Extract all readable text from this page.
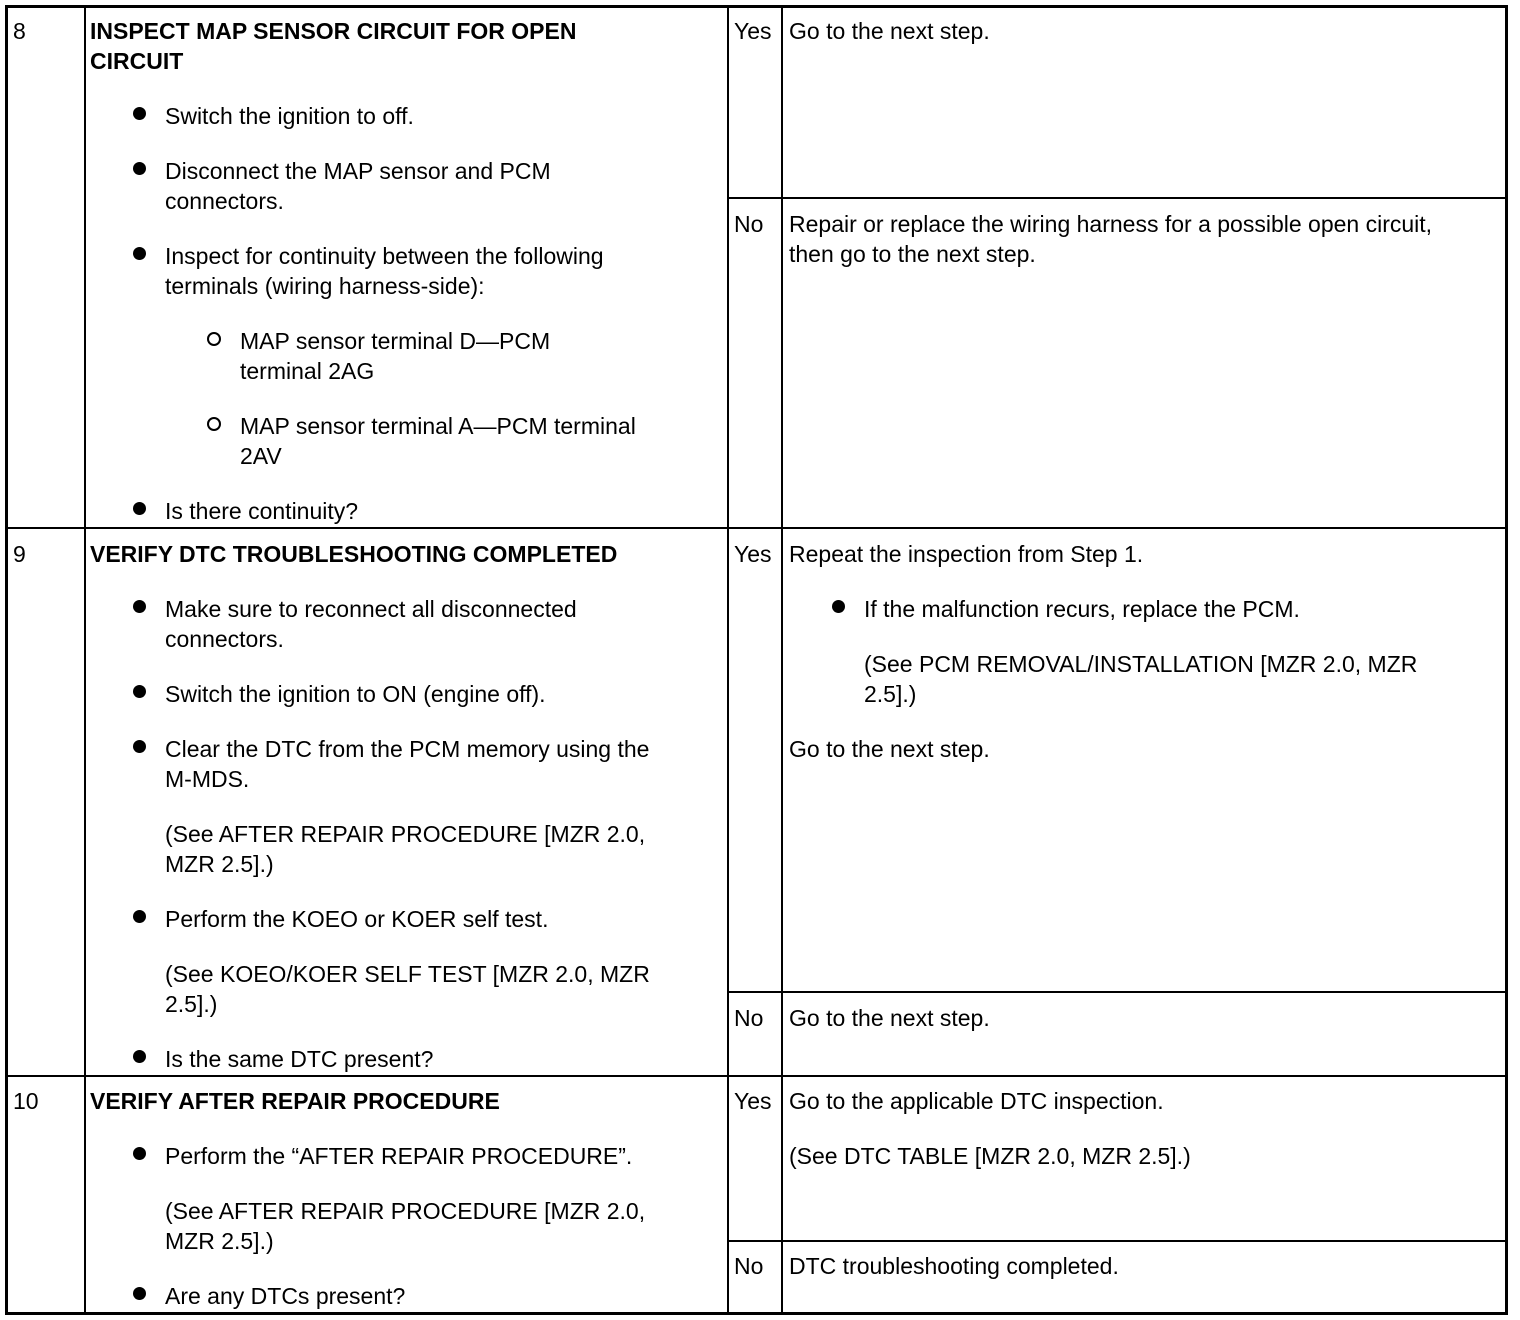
8	INSPECT MAP SENSOR CIRCUIT FOR OPEN
CIRCUIT
Switch the ignition to off.
Disconnect the MAP sensor and PCM
connectors.
Inspect for continuity between the following
terminals (wiring harness-side):
MAP sensor terminal D—PCM
terminal 2AG
MAP sensor terminal A—PCM terminal
2AV
Is there continuity?
Yes Go to the next step.
No Repair or replace the wiring harness for a possible open circuit,
then go to the next step.
9	VERIFY DTC TROUBLESHOOTING COMPLETED
Make sure to reconnect all disconnected
connectors.
Switch the ignition to ON (engine off).
Clear the DTC from the PCM memory using the
M-MDS.
(See AFTER REPAIR PROCEDURE [MZR 2.0,
MZR 2.5].)
Perform the KOEO or KOER self test.
(See KOEO/KOER SELF TEST [MZR 2.0, MZR
2.5].)
Is the same DTC present?
Yes Repeat the inspection from Step 1.
If the malfunction recurs, replace the PCM.
(See PCM REMOVAL/INSTALLATION [MZR 2.0, MZR
2.5].)
Go to the next step.
No Go to the next step.
10 VERIFY AFTER REPAIR PROCEDURE
Perform the “AFTER REPAIR PROCEDURE”.
(See AFTER REPAIR PROCEDURE [MZR 2.0,
MZR 2.5].)
Are any DTCs present?
Yes Go to the applicable DTC inspection.
(See DTC TABLE [MZR 2.0, MZR 2.5].)
No DTC troubleshooting completed.
